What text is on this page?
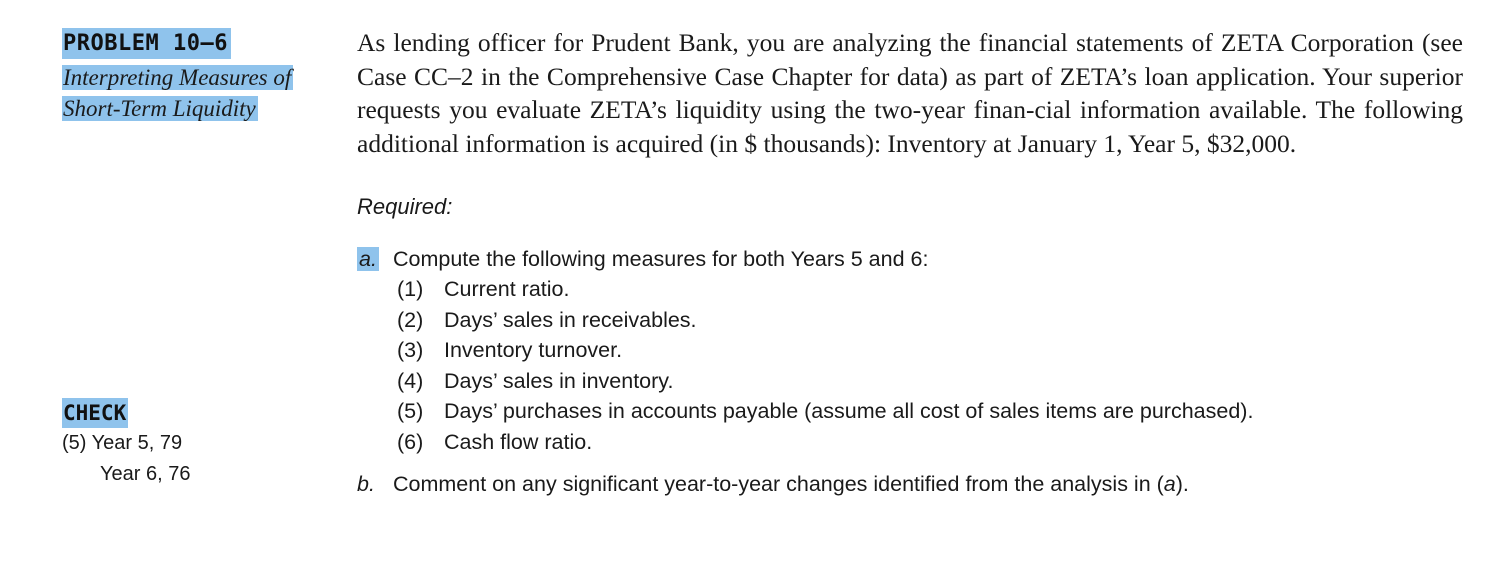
PROBLEM 10–6
Interpreting Measures of
Short-Term Liquidity
CHECK
(5) Year 5, 79
Year 6, 76

As lending officer for Prudent Bank, you are analyzing the financial statements of ZETA Corporation (see Case CC–2 in the Comprehensive Case Chapter for data) as part of ZETA’s loan application. Your superior requests you evaluate ZETA’s liquidity using the two-year finan-cial information available. The following additional information is acquired (in $ thousands): Inventory at January 1, Year 5, $32,000.

Required:
a. Compute the following measures for both Years 5 and 6:
(1) Current ratio.
(2) Days’ sales in receivables.
(3) Inventory turnover.
(4) Days’ sales in inventory.
(5) Days’ purchases in accounts payable (assume all cost of sales items are purchased).
(6) Cash flow ratio.
b. Comment on any significant year-to-year changes identified from the analysis in (a).
